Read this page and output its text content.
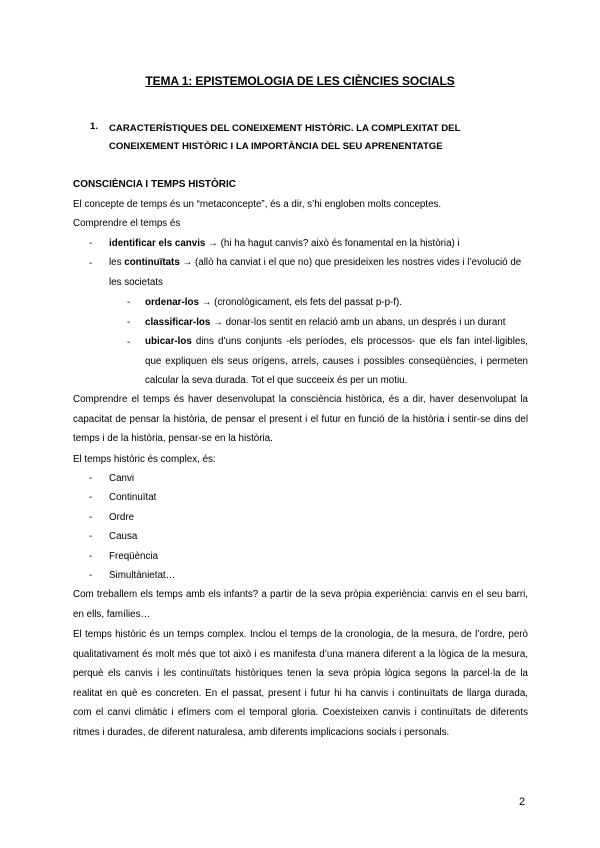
TEMA 1: EPISTEMOLOGIA DE LES CIÈNCIES SOCIALS
1. CARACTERÍSTIQUES DEL CONEIXEMENT HISTÒRIC. LA COMPLEXITAT DEL CONEIXEMENT HISTÒRIC I LA IMPORTÀNCIA DEL SEU APRENENTATGE
CONSCIÈNCIA I TEMPS HISTÒRIC
El concepte de temps és un “metaconcepte”, és a dir, s’hi engloben molts conceptes.
Comprendre el temps és
- identificar els canvis → (hi ha hagut canvis? això és fonamental en la història) i
- les continuïtats → (allò ha canviat i el que no) que presideixen les nostres vides i l’evolució de les societats
- ordenar-los → (cronològicament, els fets del passat p-p-f).
- classificar-los → donar-los sentit en relació amb un abans, un després i un durant
- ubicar-los dins d’uns conjunts -els períodes, els processos- que els fan intel·ligibles, que expliquen els seus orígens, arrels, causes i possibles conseqüències, i permeten calcular la seva durada. Tot el que succeeix és per un motiu.
Comprendre el temps és haver desenvolupat la consciència històrica, és a dir, haver desenvolupat la capacitat de pensar la història, de pensar el present i el futur en funció de la història i sentir-se dins del temps i de la història, pensar-se en la història.
El temps històric és complex, és:
- Canvi
- Continuïtat
- Ordre
- Causa
- Freqüència
- Simultànietat…
Com treballem els temps amb els infants? a partir de la seva pròpia experiència: canvis en el seu barri, en ells, famílies…
El temps històric és un temps complex. Inclou el temps de la cronologia, de la mesura, de l’ordre, però qualitativament és molt més que tot això i es manifesta d’una manera diferent a la lògica de la mesura, perquè els canvis i les continuïtats històriques tenen la seva pròpia lògica segons la parcel·la de la realitat en què es concreten. En el passat, present i futur hi ha canvis i continuïtats de llarga durada, com el canvi climàtic i efímers com el temporal gloria. Coexisteixen canvis i continuïtats de diferents ritmes i durades, de diferent naturalesa, amb diferents implicacions socials i personals.
2
